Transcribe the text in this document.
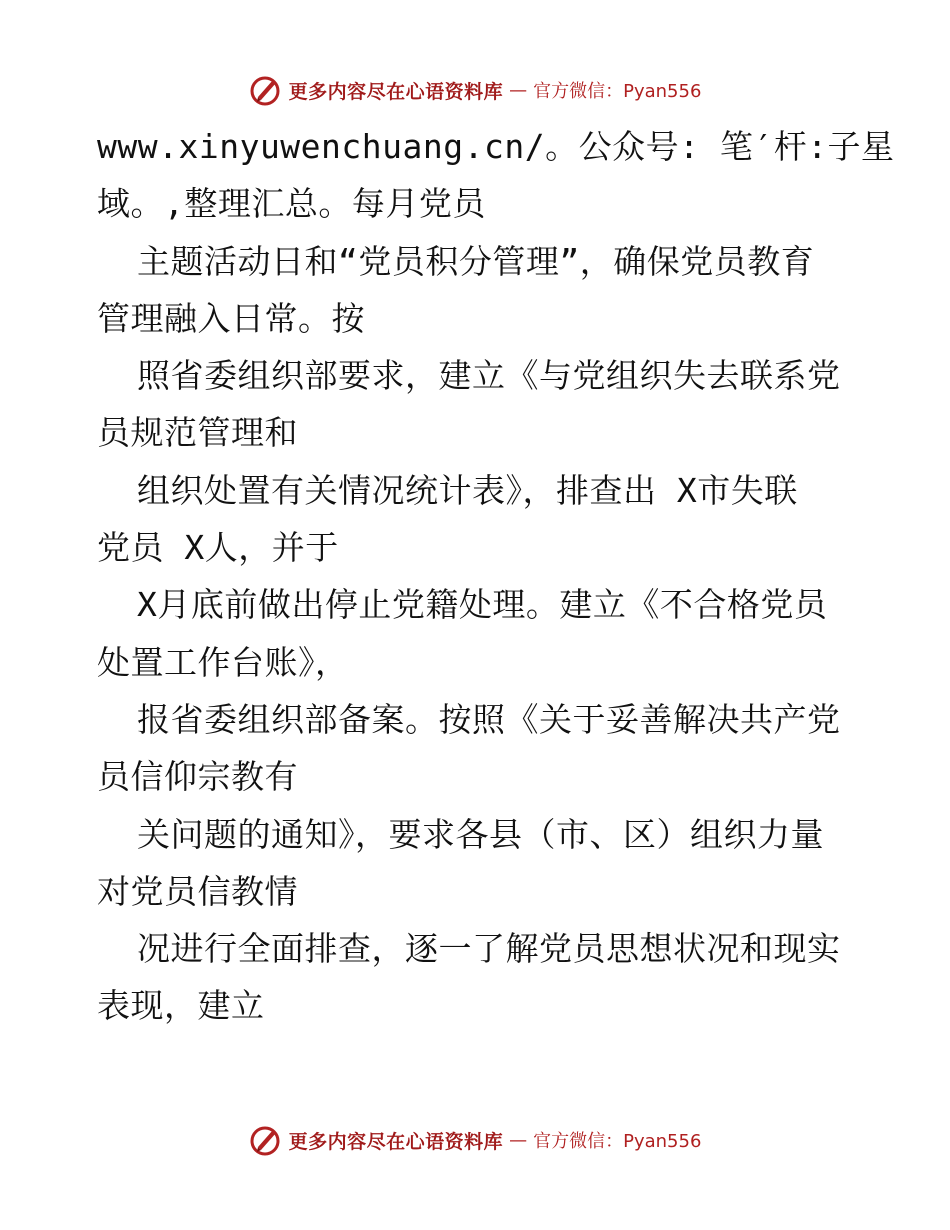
更多内容尽在心语资料库 — 官方微信：Pyan556
www.xinyuwenchuang.cn/。公众号: 笔′杆:子星
域。,整理汇总。每月党员
主题活动日和“党员积分管理”，确保党员教育
管理融入日常。按
照省委组织部要求，建立《与党组织失去联系党
员规范管理和
组织处置有关情况统计表》，排查出 X市失联
党员 X人，并于
X月底前做出停止党籍处理。建立《不合格党员
处置工作台账》，
报省委组织部备案。按照《关于妥善解决共产党
员信仰宗教有
关问题的通知》，要求各县（市、区）组织力量
对党员信教情
况进行全面排查，逐一了解党员思想状况和现实
表现，建立
更多内容尽在心语资料库 — 官方微信：Pyan556
